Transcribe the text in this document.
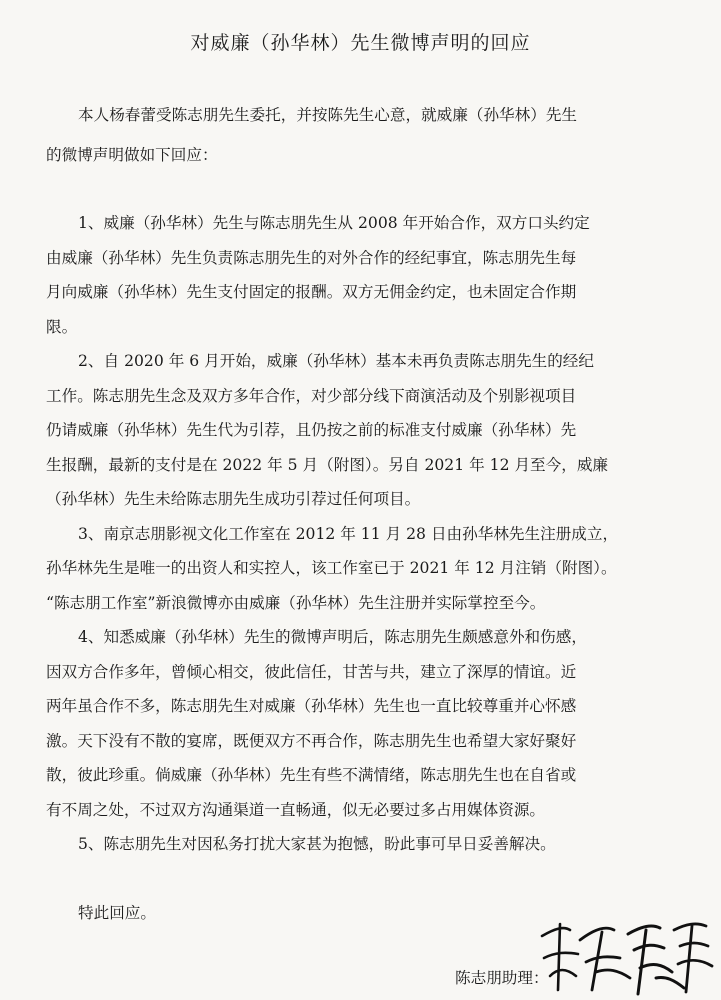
对威廉（孙华林）先生微博声明的回应
本人杨春蕾受陈志朋先生委托，并按陈先生心意，就威廉（孙华林）先生
的微博声明做如下回应：
1、威廉（孙华林）先生与陈志朋先生从 2008 年开始合作，双方口头约定
由威廉（孙华林）先生负责陈志朋先生的对外合作的经纪事宜，陈志朋先生每
月向威廉（孙华林）先生支付固定的报酬。双方无佣金约定，也未固定合作期
限。
2、自 2020 年 6 月开始，威廉（孙华林）基本未再负责陈志朋先生的经纪
工作。陈志朋先生念及双方多年合作，对少部分线下商演活动及个别影视项目
仍请威廉（孙华林）先生代为引荐，且仍按之前的标准支付威廉（孙华林）先
生报酬，最新的支付是在 2022 年 5 月（附图）。另自 2021 年 12 月至今，威廉
（孙华林）先生未给陈志朋先生成功引荐过任何项目。
3、南京志朋影视文化工作室在 2012 年 11 月 28 日由孙华林先生注册成立，
孙华林先生是唯一的出资人和实控人，该工作室已于 2021 年 12 月注销（附图）。
“陈志朋工作室”新浪微博亦由威廉（孙华林）先生注册并实际掌控至今。
4、知悉威廉（孙华林）先生的微博声明后，陈志朋先生颇感意外和伤感，
因双方合作多年，曾倾心相交，彼此信任，甘苦与共，建立了深厚的情谊。近
两年虽合作不多，陈志朋先生对威廉（孙华林）先生也一直比较尊重并心怀感
激。天下没有不散的宴席，既便双方不再合作，陈志朋先生也希望大家好聚好
散，彼此珍重。倘威廉（孙华林）先生有些不满情绪，陈志朋先生也在自省或
有不周之处，不过双方沟通渠道一直畅通，似无必要过多占用媒体资源。
5、陈志朋先生对因私务打扰大家甚为抱憾，盼此事可早日妥善解决。
特此回应。
陈志朋助理：
